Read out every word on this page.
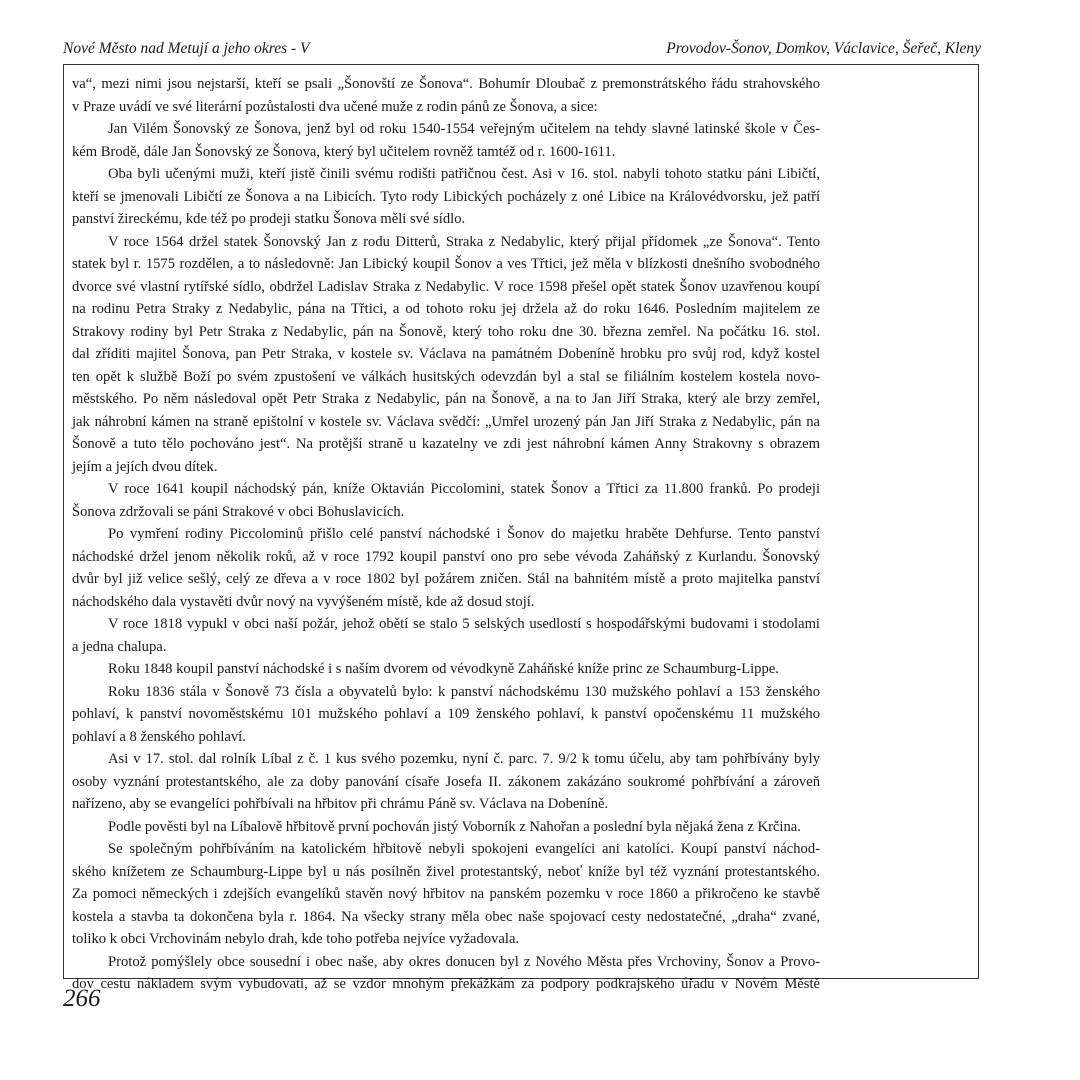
Nové Město nad Metují a jeho okres - V	Provodov-Šonov, Domkov, Václavice, Šeřeč, Kleny
va“, mezi nimi jsou nejstarší, kteří se psali „Šonovští ze Šonova“. Bohumír Dloubač z premonstrátského řádu strahovského
v Praze uvádí ve své literární pozůstalosti dva učené muže z rodin pánů ze Šonova, a sice:
Jan Vilém Šonovský ze Šonova, jenž byl od roku 1540-1554 veřejným učitelem na tehdy slavné latinské škole v Čes-
kém Brodě, dále Jan Šonovský ze Šonova, který byl učitelem rovněž tamtéž od r. 1600-1611.
Oba byli učenými muži, kteří jistě činili svému rodišti patřičnou čest. Asi v 16. stol. nabyli tohoto statku páni Libičtí,
kteří se jmenovali Libičtí ze Šonova a na Libicích. Tyto rody Libických pocházely z oné Libice na Královédvorsku, jež patří
panství žireckému, kde též po prodeji statku Šonova měli své sídlo.
V roce 1564 držel statek Šonovský Jan z rodu Ditterů, Straka z Nedabylic, který přijal přídomek „ze Šonova“. Tento
statek byl r. 1575 rozdělen, a to následovně: Jan Libický koupil Šonov a ves Třtici, jež měla v blízkosti dnešního svobodného
dvorce své vlastní rytířské sídlo, obdržel Ladislav Straka z Nedabylic. V roce 1598 přešel opět statek Šonov uzavřenou koupí
na rodinu Petra Straky z Nedabylic, pána na Třtici, a od tohoto roku jej držela až do roku 1646. Posledním majitelem ze
Strakovy rodiny byl Petr Straka z Nedabylic, pán na Šonově, který toho roku dne 30. března zemřel. Na počátku 16. stol.
dal zříditi majitel Šonova, pan Petr Straka, v kostele sv. Václava na památném Dobeníně hrobku pro svůj rod, když kostel
ten opět k službě Boží po svém zpustošení ve válkách husitských odevzdán byl a stal se filiálním kostelem kostela novo-
městského. Po něm následoval opět Petr Straka z Nedabylic, pán na Šonově, a na to Jan Jiří Straka, který ale brzy zemřel,
jak náhrobní kámen na straně epištolní v kostele sv. Václava svědčí: „Umřel urozený pán Jan Jiří Straka z Nedabylic, pán na
Šonově a tuto tělo pochováno jest“. Na protější straně u kazatelny ve zdi jest náhrobní kámen Anny Strakovny s obrazem
jejím a jejích dvou dítek.
V roce 1641 koupil náchodský pán, kníže Oktavián Piccolomini, statek Šonov a Třtici za 11.800 franků. Po prodeji
Šonova zdržovali se páni Strakové v obci Bohuslavicích.
Po vymření rodiny Piccolominů přišlo celé panství náchodské i Šonov do majetku hraběte Dehfurse. Tento panství
náchodské držel jenom několik roků, až v roce 1792 koupil panství ono pro sebe vévoda Zaháňský z Kurlandu. Šonovský
dvůr byl již velice sešlý, celý ze dřeva a v roce 1802 byl požárem zničen. Stál na bahnitém místě a proto majitelka panství
náchodského dala vystavěti dvůr nový na vyvýšeném místě, kde až dosud stojí.
V roce 1818 vypukl v obci naší požár, jehož obětí se stalo 5 selských usedlostí s hospodářskými budovami i stodolami
a jedna chalupa.
Roku 1848 koupil panství náchodské i s naším dvorem od vévodkyně Zaháňské kníže princ ze Schaumburg-Lippe.
Roku 1836 stála v Šonově 73 čísla a obyvatelů bylo: k panství náchodskému 130 mužského pohlaví a 153 ženského
pohlaví, k panství novoměstskému 101 mužského pohlaví a 109 ženského pohlaví, k panství opočenskému 11 mužského
pohlaví a 8 ženského pohlaví.
Asi v 17. stol. dal rolník Líbal z č. 1 kus svého pozemku, nyní č. parc. 7. 9/2 k tomu účelu, aby tam pohřbívány byly
osoby vyznání protestantského, ale za doby panování císaře Josefa II. zákonem zakázáno soukromé pohřbívání a zároveň
nařízeno, aby se evangelíci pohřbívali na hřbitov při chrámu Páně sv. Václava na Dobeníně.
Podle pověsti byl na Líbalově hřbitově první pochován jistý Voborník z Nahořan a poslední byla nějaká žena z Krčina.
Se společným pohřbíváním na katolickém hřbitově nebyli spokojeni evangelíci ani katolíci. Koupí panství náchod-
ského knížetem ze Schaumburg-Lippe byl u nás posílněn živel protestantský, neboť kníže byl též vyznání protestantského.
Za pomoci německých i zdejších evangelíků stavěn nový hřbitov na panském pozemku v roce 1860 a přikročeno ke stavbě
kostela a stavba ta dokončena byla r. 1864. Na všecky strany měla obec naše spojovací cesty nedostatečné, „draha“ zvané,
toliko k obci Vrchovinám nebylo drah, kde toho potřeba nejvíce vyžadovala.
Protož pomýšlely obce sousední i obec naše, aby okres donucen byl z Nového Města přes Vrchoviny, Šonov a Provo-
dov cestu nákladem svým vybudovati, až se vzdor mnohým překážkám za podpory podkrajského úřadu v Novém Městě
266
